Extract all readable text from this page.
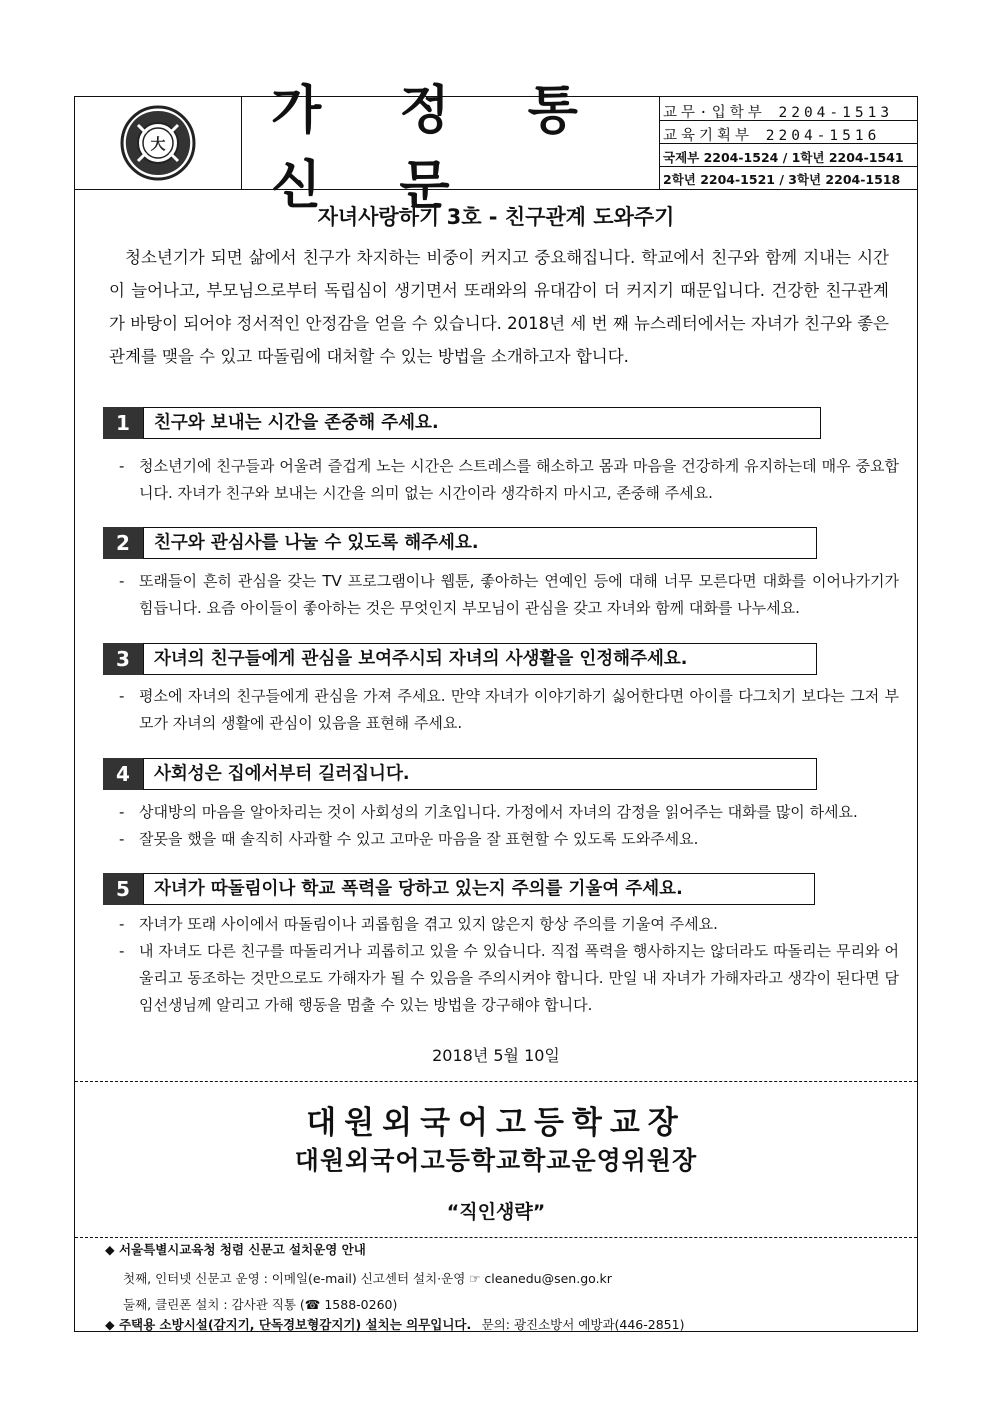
大
가 정 통 신 문
교무·입학부 2204-1513
교육기획부 2204-1516
국제부 2204-1524 / 1학년 2204-1541
2학년 2204-1521 / 3학년 2204-1518
자녀사랑하기 3호 - 친구관계 도와주기
청소년기가 되면 삶에서 친구가 차지하는 비중이 커지고 중요해집니다. 학교에서 친구와 함께 지내는 시간이 늘어나고, 부모님으로부터 독립심이 생기면서 또래와의 유대감이 더 커지기 때문입니다. 건강한 친구관계가 바탕이 되어야 정서적인 안정감을 얻을 수 있습니다. 2018년 세 번 째 뉴스레터에서는 자녀가 친구와 좋은 관계를 맺을 수 있고 따돌림에 대처할 수 있는 방법을 소개하고자 합니다.
1	친구와 보내는 시간을 존중해 주세요.
- 청소년기에 친구들과 어울려 즐겁게 노는 시간은 스트레스를 해소하고 몸과 마음을 건강하게 유지하는데 매우 중요합니다. 자녀가 친구와 보내는 시간을 의미 없는 시간이라 생각하지 마시고, 존중해 주세요.
2	친구와 관심사를 나눌 수 있도록 해주세요.
- 또래들이 흔히 관심을 갖는 TV 프로그램이나 웹툰, 좋아하는 연예인 등에 대해 너무 모른다면 대화를 이어나가기가 힘듭니다. 요즘 아이들이 좋아하는 것은 무엇인지 부모님이 관심을 갖고 자녀와 함께 대화를 나누세요.
3	자녀의 친구들에게 관심을 보여주시되 자녀의 사생활을 인정해주세요.
- 평소에 자녀의 친구들에게 관심을 가져 주세요. 만약 자녀가 이야기하기 싫어한다면 아이를 다그치기 보다는 그저 부모가 자녀의 생활에 관심이 있음을 표현해 주세요.
4	사회성은 집에서부터 길러집니다.
- 상대방의 마음을 알아차리는 것이 사회성의 기초입니다. 가정에서 자녀의 감정을 읽어주는 대화를 많이 하세요.
- 잘못을 했을 때 솔직히 사과할 수 있고 고마운 마음을 잘 표현할 수 있도록 도와주세요.
5	자녀가 따돌림이나 학교 폭력을 당하고 있는지 주의를 기울여 주세요.
- 자녀가 또래 사이에서 따돌림이나 괴롭힘을 겪고 있지 않은지 항상 주의를 기울여 주세요.
- 내 자녀도 다른 친구를 따돌리거나 괴롭히고 있을 수 있습니다. 직접 폭력을 행사하지는 않더라도 따돌리는 무리와 어울리고 동조하는 것만으로도 가해자가 될 수 있음을 주의시켜야 합니다. 만일 내 자녀가 가해자라고 생각이 된다면 담임선생님께 알리고 가해 행동을 멈출 수 있는 방법을 강구해야 합니다.
2018년 5월 10일
대원외국어고등학교장
대원외국어고등학교학교운영위원장
“직인생략”
◆ 서울특별시교육청 청렴 신문고 설치운영 안내
첫째, 인터넷 신문고 운영 : 이메일(e-mail) 신고센터 설치·운영 ☞ cleanedu@sen.go.kr
둘째, 클린폰 설치 : 감사관 직통 (☎ 1588-0260)
◆ 주택용 소방시설(감지기, 단독경보형감지기) 설치는 의무입니다. 문의: 광진소방서 예방과(446-2851)
